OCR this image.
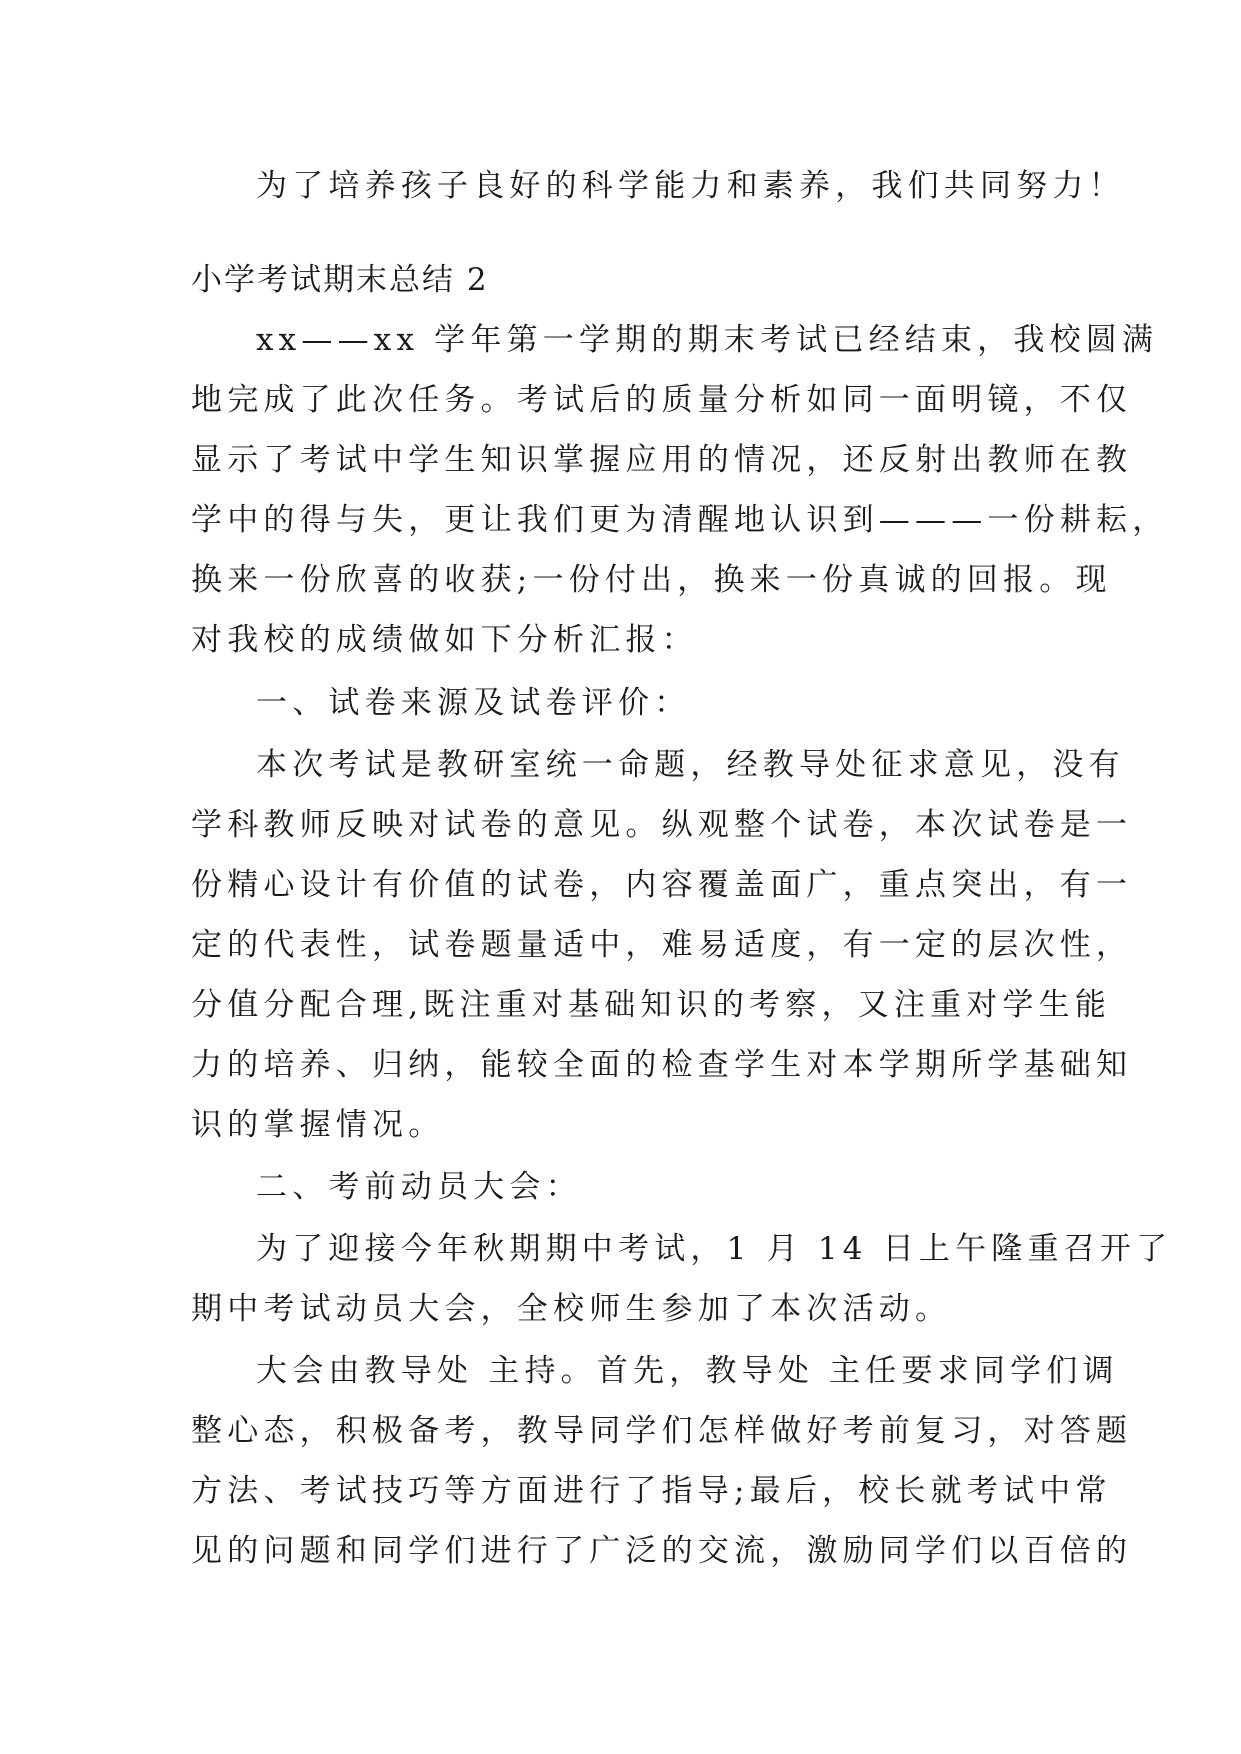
为了培养孩子良好的科学能力和素养，我们共同努力！
小学考试期末总结 2
xx——xx 学年第一学期的期末考试已经结束，我校圆满
地完成了此次任务。考试后的质量分析如同一面明镜，不仅
显示了考试中学生知识掌握应用的情况，还反射出教师在教
学中的得与失，更让我们更为清醒地认识到———一份耕耘，
换来一份欣喜的收获;一份付出，换来一份真诚的回报。现
对我校的成绩做如下分析汇报：
一、试卷来源及试卷评价：
本次考试是教研室统一命题，经教导处征求意见，没有
学科教师反映对试卷的意见。纵观整个试卷，本次试卷是一
份精心设计有价值的试卷，内容覆盖面广，重点突出，有一
定的代表性，试卷题量适中，难易适度，有一定的层次性，
分值分配合理,既注重对基础知识的考察，又注重对学生能
力的培养、归纳，能较全面的检查学生对本学期所学基础知
识的掌握情况。
二、考前动员大会：
为了迎接今年秋期期中考试，1 月 14 日上午隆重召开了
期中考试动员大会，全校师生参加了本次活动。
大会由教导处 主持。首先，教导处 主任要求同学们调
整心态，积极备考，教导同学们怎样做好考前复习，对答题
方法、考试技巧等方面进行了指导;最后，校长就考试中常
见的问题和同学们进行了广泛的交流，激励同学们以百倍的
